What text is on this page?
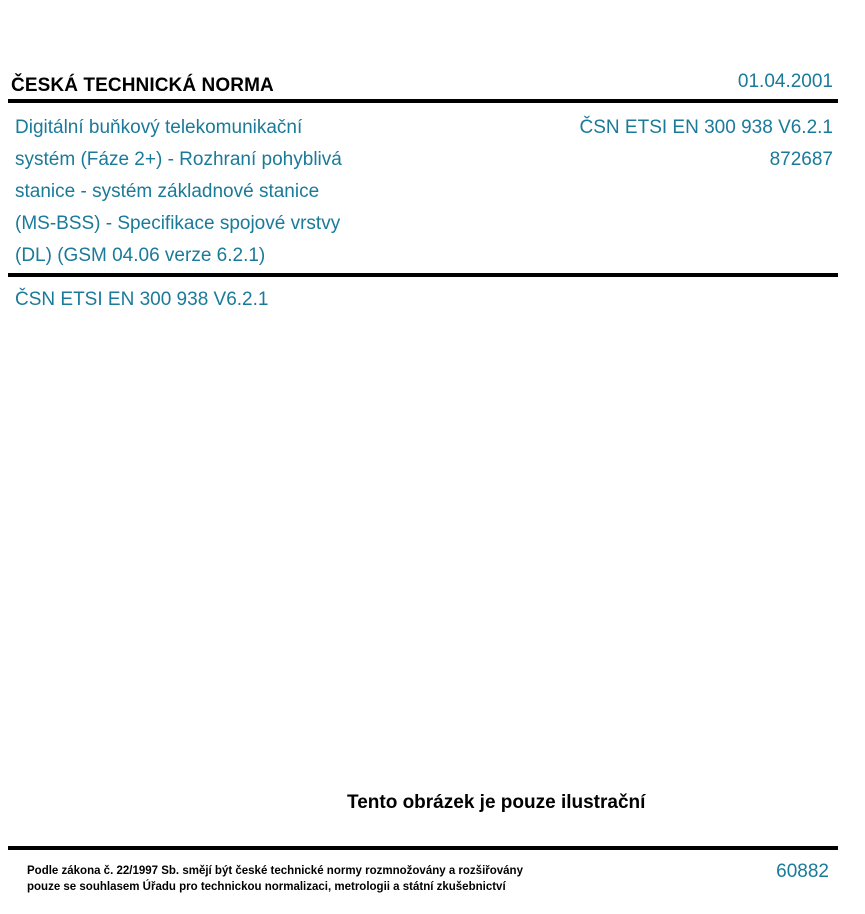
ČESKÁ TECHNICKÁ NORMA	01.04.2001
Digitální buňkový telekomunikační
systém (Fáze 2+) - Rozhraní pohyblivá
stanice - systém základnové stanice
(MS-BSS) - Specifikace spojové vrstvy
(DL) (GSM 04.06 verze 6.2.1)
ČSN ETSI EN 300 938 V6.2.1
872687
ČSN ETSI EN 300 938 V6.2.1
Tento obrázek je pouze ilustrační
Podle zákona č. 22/1997 Sb. smějí být české technické normy rozmnožovány a rozšiřovány
pouze se souhlasem Úřadu pro technickou normalizaci, metrologii a státní zkušebnictví
60882
